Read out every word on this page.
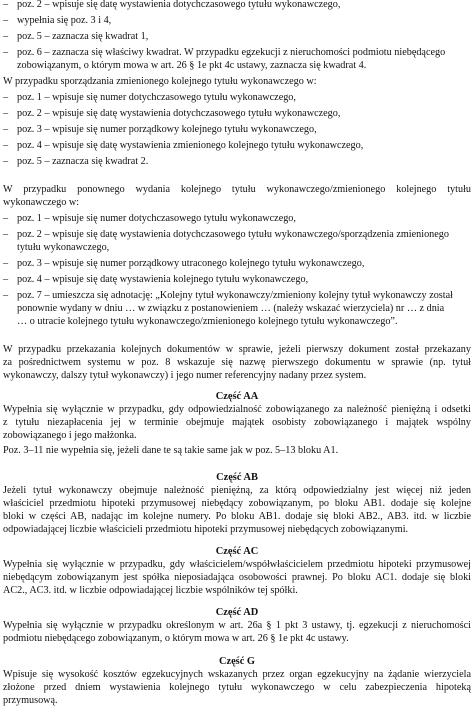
– poz. 2 – wpisuje się datę wystawienia dotychczasowego tytułu wykonawczego,
– wypełnia się poz. 3 i 4,
– poz. 5 – zaznacza się kwadrat 1,
– poz. 6 – zaznacza się właściwy kwadrat. W przypadku egzekucji z nieruchomości podmiotu niebędącego
zobowiązanym, o którym mowa w art. 26 § 1e pkt 4c ustawy, zaznacza się kwadrat 4.
W przypadku sporządzania zmienionego kolejnego tytułu wykonawczego w:
– poz. 1 – wpisuje się numer dotychczasowego tytułu wykonawczego,
– poz. 2 – wpisuje się datę wystawienia dotychczasowego tytułu wykonawczego,
– poz. 3 – wpisuje się numer porządkowy kolejnego tytułu wykonawczego,
– poz. 4 – wpisuje się datę wystawienia zmienionego kolejnego tytułu wykonawczego,
– poz. 5 – zaznacza się kwadrat 2.
W przypadku ponownego wydania kolejnego tytułu wykonawczego/zmienionego kolejnego tytułu
wykonawczego w:
– poz. 1 – wpisuje się numer dotychczasowego tytułu wykonawczego,
– poz. 2 – wpisuje się datę wystawienia dotychczasowego tytułu wykonawczego/sporządzenia zmienionego
tytułu wykonawczego,
– poz. 3 – wpisuje się numer porządkowy utraconego kolejnego tytułu wykonawczego,
– poz. 4 – wpisuje się datę wystawienia kolejnego tytułu wykonawczego,
– poz. 7 – umieszcza się adnotację: „Kolejny tytuł wykonawczy/zmieniony kolejny tytuł wykonawczy został
ponownie wydany w dniu … w związku z postanowieniem … (należy wskazać wierzyciela) nr … z dnia
… o utracie kolejnego tytułu wykonawczego/zmienionego kolejnego tytułu wykonawczego”.
W przypadku przekazania kolejnych dokumentów w sprawie, jeżeli pierwszy dokument został przekazany
za pośrednictwem systemu w poz. 8 wskazuje się nazwę pierwszego dokumentu w sprawie (np. tytuł
wykonawczy, dalszy tytuł wykonawczy) i jego numer referencyjny nadany przez system.
Część AA
Wypełnia się wyłącznie w przypadku, gdy odpowiedzialność zobowiązanego za należność pieniężną i odsetki
z tytułu niezapłacenia jej w terminie obejmuje majątek osobisty zobowiązanego i majątek wspólny
zobowiązanego i jego małżonka.
Poz. 3–11 nie wypełnia się, jeżeli dane te są takie same jak w poz. 5–13 bloku A1.
Część AB
Jeżeli tytuł wykonawczy obejmuje należność pieniężną, za którą odpowiedzialny jest więcej niż jeden
właściciel przedmiotu hipoteki przymusowej niebędący zobowiązanym, po bloku AB1. dodaje się kolejne
bloki w części AB, nadając im kolejne numery. Po bloku AB1. dodaje się bloki AB2., AB3. itd. w liczbie
odpowiadającej liczbie właścicieli przedmiotu hipoteki przymusowej niebędących zobowiązanymi.
Część AC
Wypełnia się wyłącznie w przypadku, gdy właścicielem/współwłaścicielem przedmiotu hipoteki przymusowej
niebędącym zobowiązanym jest spółka nieposiadająca osobowości prawnej. Po bloku AC1. dodaje się bloki
AC2., AC3. itd. w liczbie odpowiadającej liczbie wspólników tej spółki.
Część AD
Wypełnia się wyłącznie w przypadku określonym w art. 26a § 1 pkt 3 ustawy, tj. egzekucji z nieruchomości
podmiotu niebędącego zobowiązanym, o którym mowa w art. 26 § 1e pkt 4c ustawy.
Część G
Wpisuje się wysokość kosztów egzekucyjnych wskazanych przez organ egzekucyjny na żądanie wierzyciela
złożone przed dniem wystawienia kolejnego tytułu wykonawczego w celu zabezpieczenia hipoteką
przymusową.
